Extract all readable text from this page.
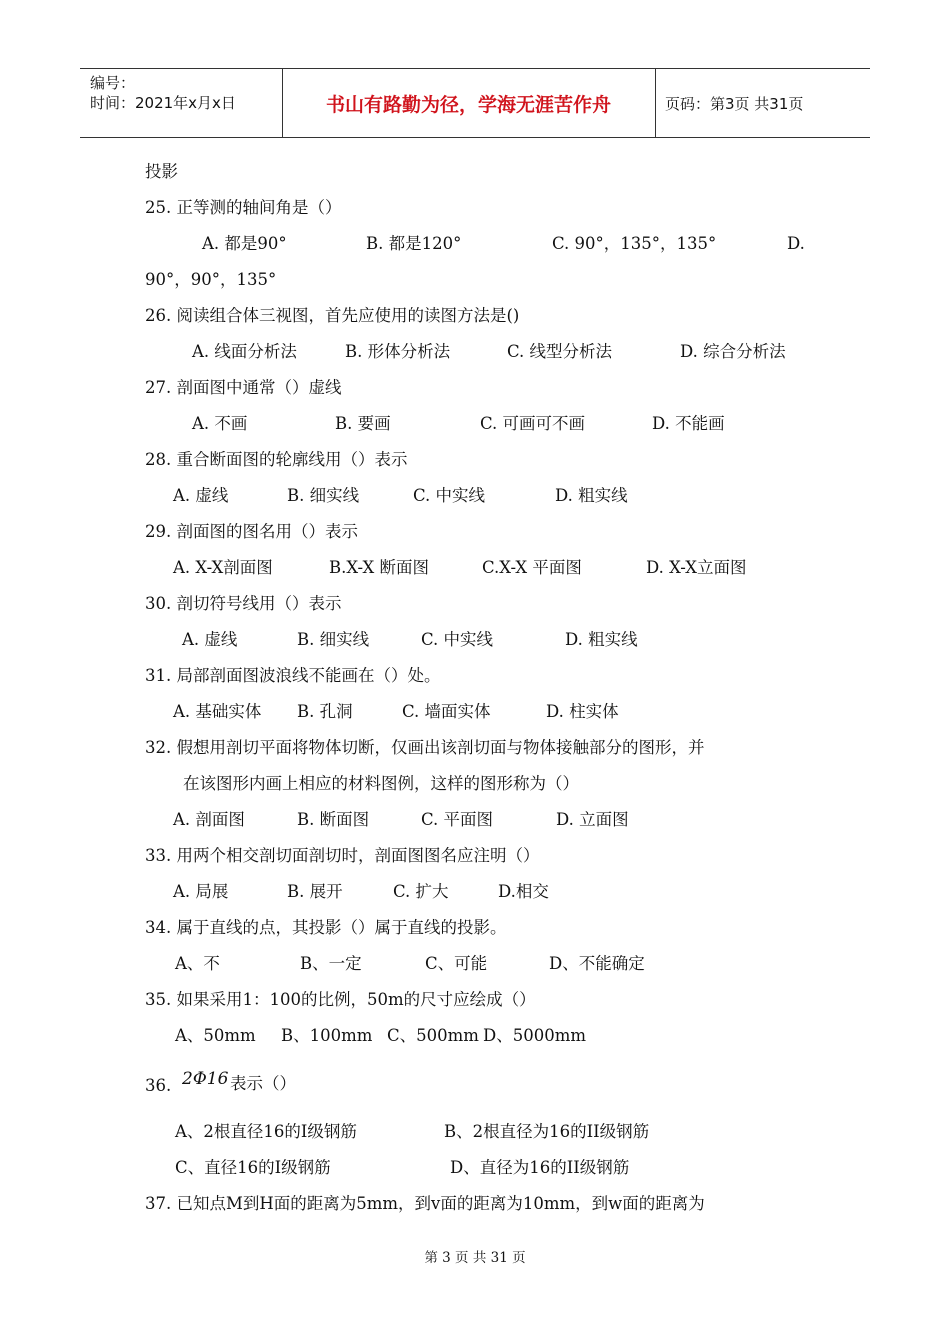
编号：
时间：2021年x月x日	书山有路勤为径，学海无涯苦作舟	页码：第3页 共31页
投影
25. 正等测的轴间角是（）
A. 都是90°	B. 都是120°	C. 90°，135°，135°	D.
90°，90°，135°
26. 阅读组合体三视图，首先应使用的读图方法是()
A. 线面分析法	B. 形体分析法	C. 线型分析法	D. 综合分析法
27. 剖面图中通常（）虚线
A. 不画	B. 要画	C. 可画可不画	D. 不能画
28. 重合断面图的轮廓线用（）表示
A. 虚线	B. 细实线	C. 中实线	D. 粗实线
29. 剖面图的图名用（）表示
A. X-X剖面图	B.X-X 断面图	C.X-X 平面图	D. X-X立面图
30. 剖切符号线用（）表示
A. 虚线	B. 细实线	C. 中实线	D. 粗实线
31. 局部剖面图波浪线不能画在（）处。
A. 基础实体 B. 孔洞	C. 墙面实体	D. 柱实体
32. 假想用剖切平面将物体切断，仅画出该剖切面与物体接触部分的图形，并
在该图形内画上相应的材料图例，这样的图形称为（）
A. 剖面图	B. 断面图	C. 平面图	D. 立面图
33. 用两个相交剖切面剖切时，剖面图图名应注明（）
A. 局展	B. 展开	C. 扩大	D.相交
34. 属于直线的点，其投影（）属于直线的投影。
A、不	B、一定	C、可能	D、不能确定
35. 如果采用1：100的比例，50m的尺寸应绘成（）
A、50mm B、100mm C、500mm D、5000mm
36. 2Φ16 表示（）
A、2根直径16的I级钢筋	B、2根直径为16的II级钢筋
C、直径16的I级钢筋	D、直径为16的II级钢筋
37. 已知点M到H面的距离为5mm，到v面的距离为10mm，到w面的距离为
第 3 页 共 31 页
